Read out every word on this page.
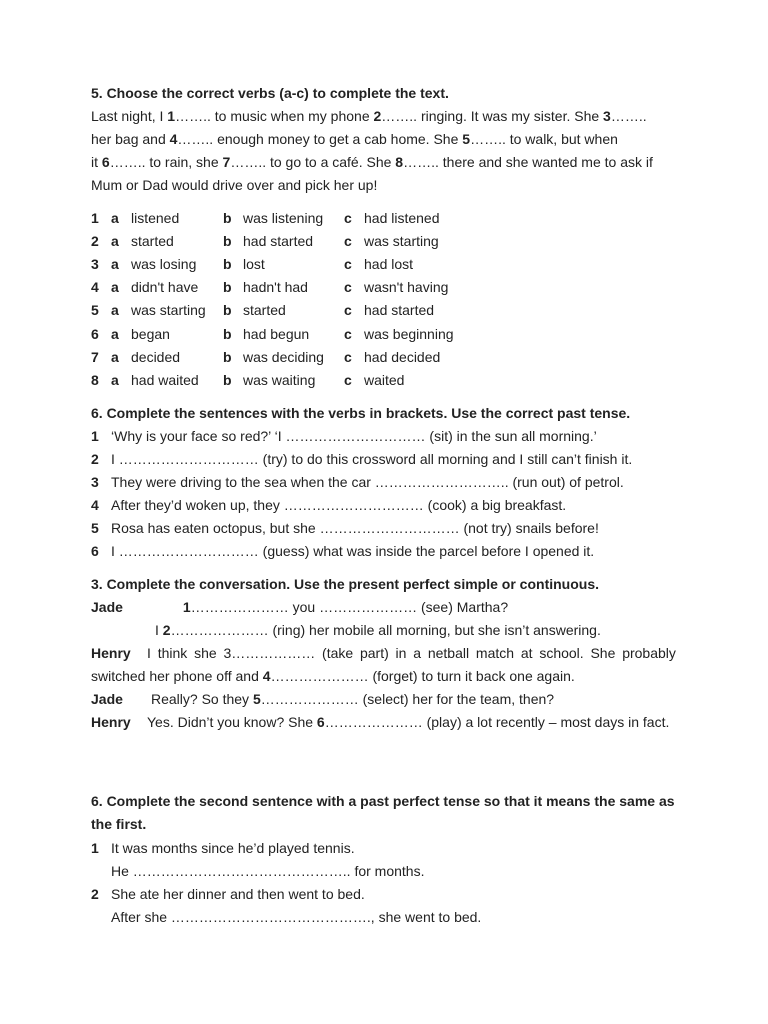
5. Choose the correct verbs (a-c) to complete the text.
Last night, I 1…….. to music when my phone 2…….. ringing. It was my sister. She 3……..
her bag and 4…….. enough money to get a cab home. She 5…….. to walk, but when
it 6…….. to rain, she 7…….. to go to a café. She 8…….. there and she wanted me to ask if
Mum or Dad would drive over and pick her up!
1 a listened	b was listening c had listened
2 a started	b had started c was starting
3 a was losing b lost	c had lost
4 a didn't have b hadn't had	c wasn't having
5 a was starting b started	c had started
6 a began	b had begun c was beginning
7 a decided	b was deciding c had decided
8 a had waited b was waiting c waited
6. Complete the sentences with the verbs in brackets. Use the correct past tense.
1 ‘Why is your face so red?’ ‘I ………………………… (sit) in the sun all morning.’
2 I ………………………… (try) to do this crossword all morning and I still can’t finish it.
3 They were driving to the sea when the car ……………………….. (run out) of petrol.
4 After they’d woken up, they ………………………… (cook) a big breakfast.
5 Rosa has eaten octopus, but she ………………………… (not try) snails before!
6 I ………………………… (guess) what was inside the parcel before I opened it.
3. Complete the conversation. Use the present perfect simple or continuous.
Jade	1………………… you ………………… (see) Martha?
I 2………………… (ring) her mobile all morning, but she isn’t answering.
Henry	I think she 3……………… (take part) in a netball match at school. She probably
switched her phone off and 4………………… (forget) to turn it back one again.
Jade Really? So they 5………………… (select) her for the team, then?
Henry Yes. Didn’t you know? She 6………………… (play) a lot recently – most days in fact.
6. Complete the second sentence with a past perfect tense so that it means the same as
the first.
1 It was months since he’d played tennis.
He ……………………………………….. for months.
2 She ate her dinner and then went to bed.
After she ……………………………………., she went to bed.
